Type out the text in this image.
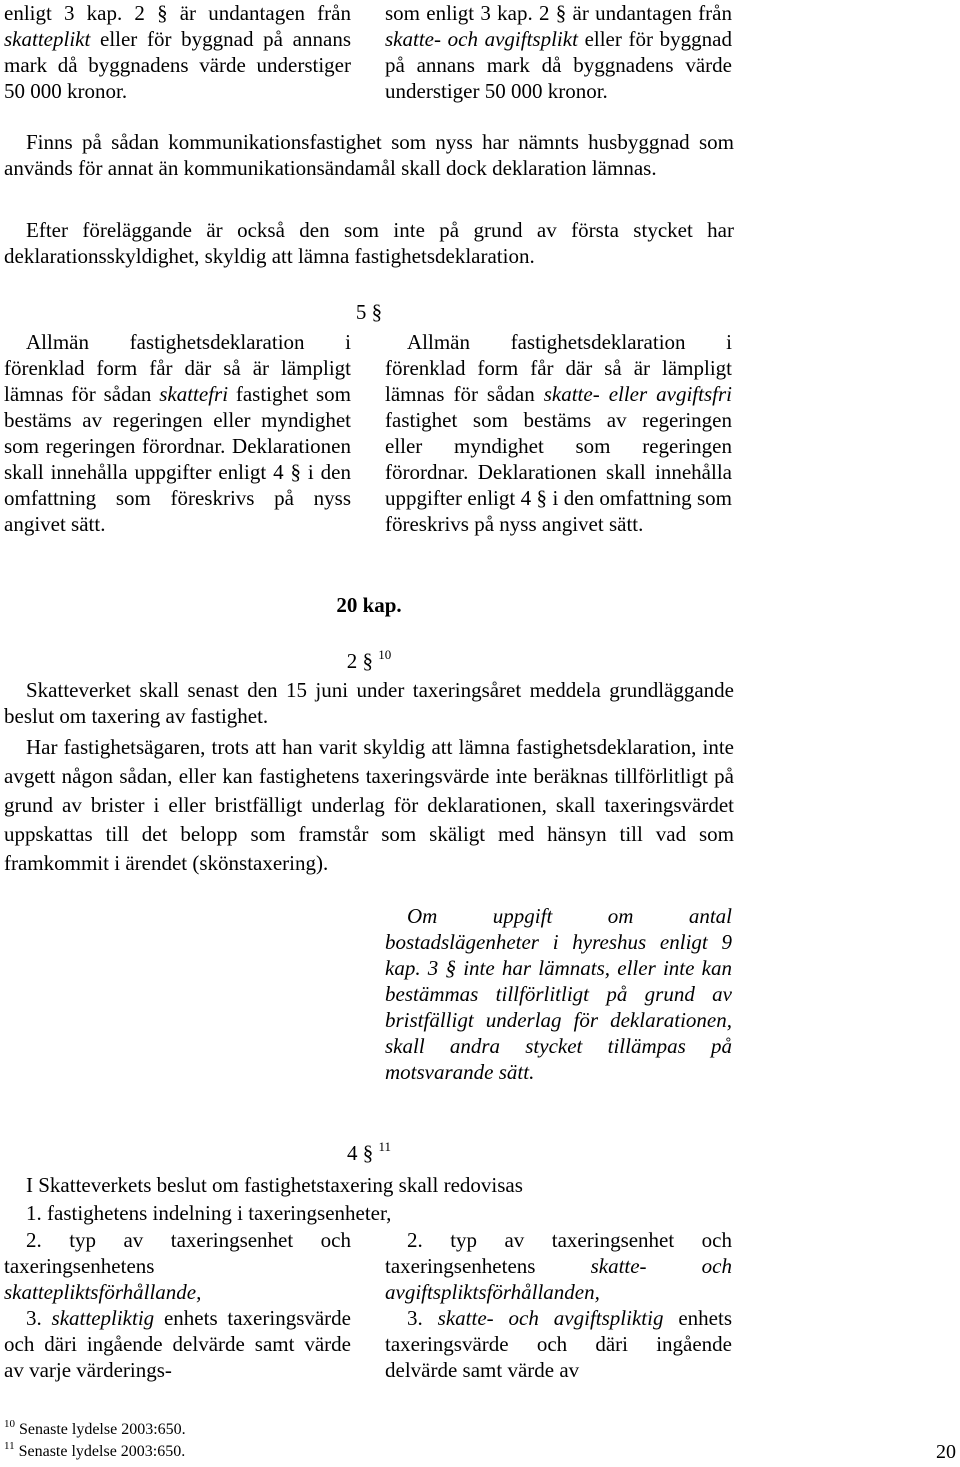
enligt 3 kap. 2 § är undantagen från skatteplikt eller för byggnad på annans mark då byggnadens värde understiger 50 000 kronor.

som enligt 3 kap. 2 § är undantagen från skatte- och avgiftsplikt eller för byggnad på annans mark då byggnadens värde understiger 50 000 kronor.

Finns på sådan kommunikationsfastighet som nyss har nämnts husbyggnad som används för annat än kommunikationsändamål skall dock deklaration lämnas.

Efter föreläggande är också den som inte på grund av första stycket har deklarationsskyldighet, skyldig att lämna fastighetsdeklaration.

5 §

Allmän fastighetsdeklaration i förenklad form får där så är lämpligt lämnas för sådan skattefri fastighet som bestäms av regeringen eller myndighet som regeringen förordnar. Deklarationen skall innehålla uppgifter enligt 4 § i den omfattning som föreskrivs på nyss angivet sätt.

Allmän fastighetsdeklaration i förenklad form får där så är lämpligt lämnas för sådan skatte- eller avgiftsfri fastighet som bestäms av regeringen eller myndighet som regeringen förordnar. Deklarationen skall innehålla uppgifter enligt 4 § i den omfattning som föreskrivs på nyss angivet sätt.

20 kap.

2 § $^{10}$

Skatteverket skall senast den 15 juni under taxeringsåret meddela grundläggande beslut om taxering av fastighet.

Har fastighetsägaren, trots att han varit skyldig att lämna fastighetsdeklaration, inte avgett någon sådan, eller kan fastighetens taxeringsvärde inte beräknas tillförlitligt på grund av brister i eller bristfälligt underlag för deklarationen, skall taxeringsvärdet uppskattas till det belopp som framstår som skäligt med hänsyn till vad som framkommit i ärendet (skönstaxering).

Om uppgift om antal bostadslägenheter i hyreshus enligt 9 kap. 3 § inte har lämnats, eller inte kan bestämmas tillförlitligt på grund av bristfälligt underlag för deklarationen, skall andra stycket tillämpas på motsvarande sätt.

4 § $^{11}$

I Skatteverkets beslut om fastighetstaxering skall redovisas

1. fastighetens indelning i taxeringsenheter,

2. typ av taxeringsenhet och taxeringsenhetens skattepliktsförhållande,

3. skattepliktig enhets taxeringsvärde och däri ingående delvärde samt värde av varje värderings-

2. typ av taxeringsenhet och taxeringsenhetens skatte- och avgiftspliktsförhållanden,

3. skatte- och avgiftspliktig enhets taxeringsvärde och däri ingående delvärde samt värde av

$^{10}$ Senaste lydelse 2003:650.
$^{11}$ Senaste lydelse 2003:650.	20
